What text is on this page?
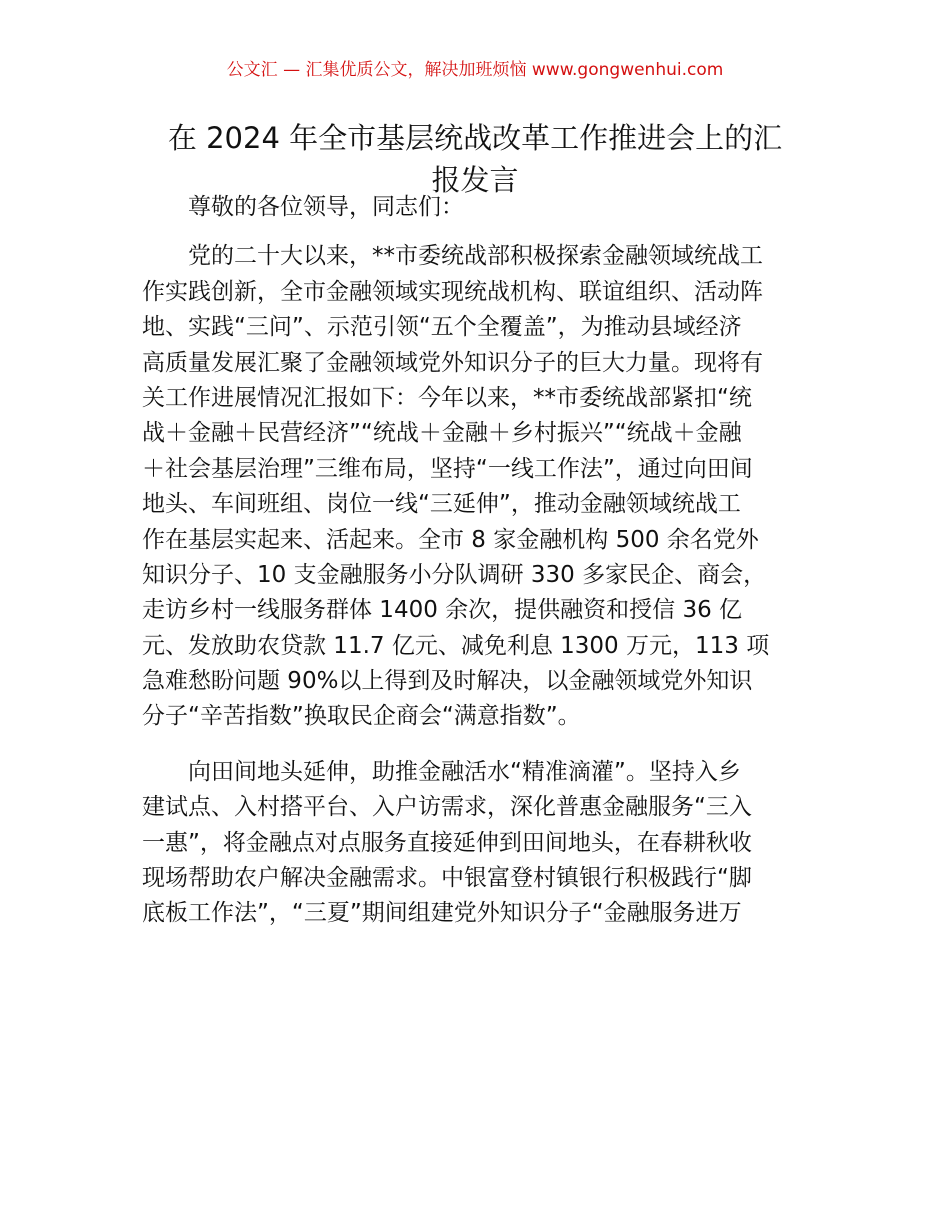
公文汇 — 汇集优质公文，解决加班烦恼 www.gongwenhui.com
在 2024 年全市基层统战改革工作推进会上的汇
报发言
尊敬的各位领导，同志们：
党的二十大以来，**市委统战部积极探索金融领域统战工
作实践创新，全市金融领域实现统战机构、联谊组织、活动阵
地、实践“三问”、示范引领“五个全覆盖”，为推动县域经济
高质量发展汇聚了金融领域党外知识分子的巨大力量。现将有
关工作进展情况汇报如下：今年以来，**市委统战部紧扣“统
战＋金融＋民营经济”“统战＋金融＋乡村振兴”“统战＋金融
＋社会基层治理”三维布局，坚持“一线工作法”，通过向田间
地头、车间班组、岗位一线“三延伸”，推动金融领域统战工
作在基层实起来、活起来。全市 8 家金融机构 500 余名党外
知识分子、10 支金融服务小分队调研 330 多家民企、商会，
走访乡村一线服务群体 1400 余次，提供融资和授信 36 亿
元、发放助农贷款 11.7 亿元、减免利息 1300 万元，113 项
急难愁盼问题 90%以上得到及时解决，以金融领域党外知识
分子“辛苦指数”换取民企商会“满意指数”。
向田间地头延伸，助推金融活水“精准滴灌”。坚持入乡
建试点、入村搭平台、入户访需求，深化普惠金融服务“三入
一惠”，将金融点对点服务直接延伸到田间地头，在春耕秋收
现场帮助农户解决金融需求。中银富登村镇银行积极践行“脚
底板工作法”，“三夏”期间组建党外知识分子“金融服务进万
